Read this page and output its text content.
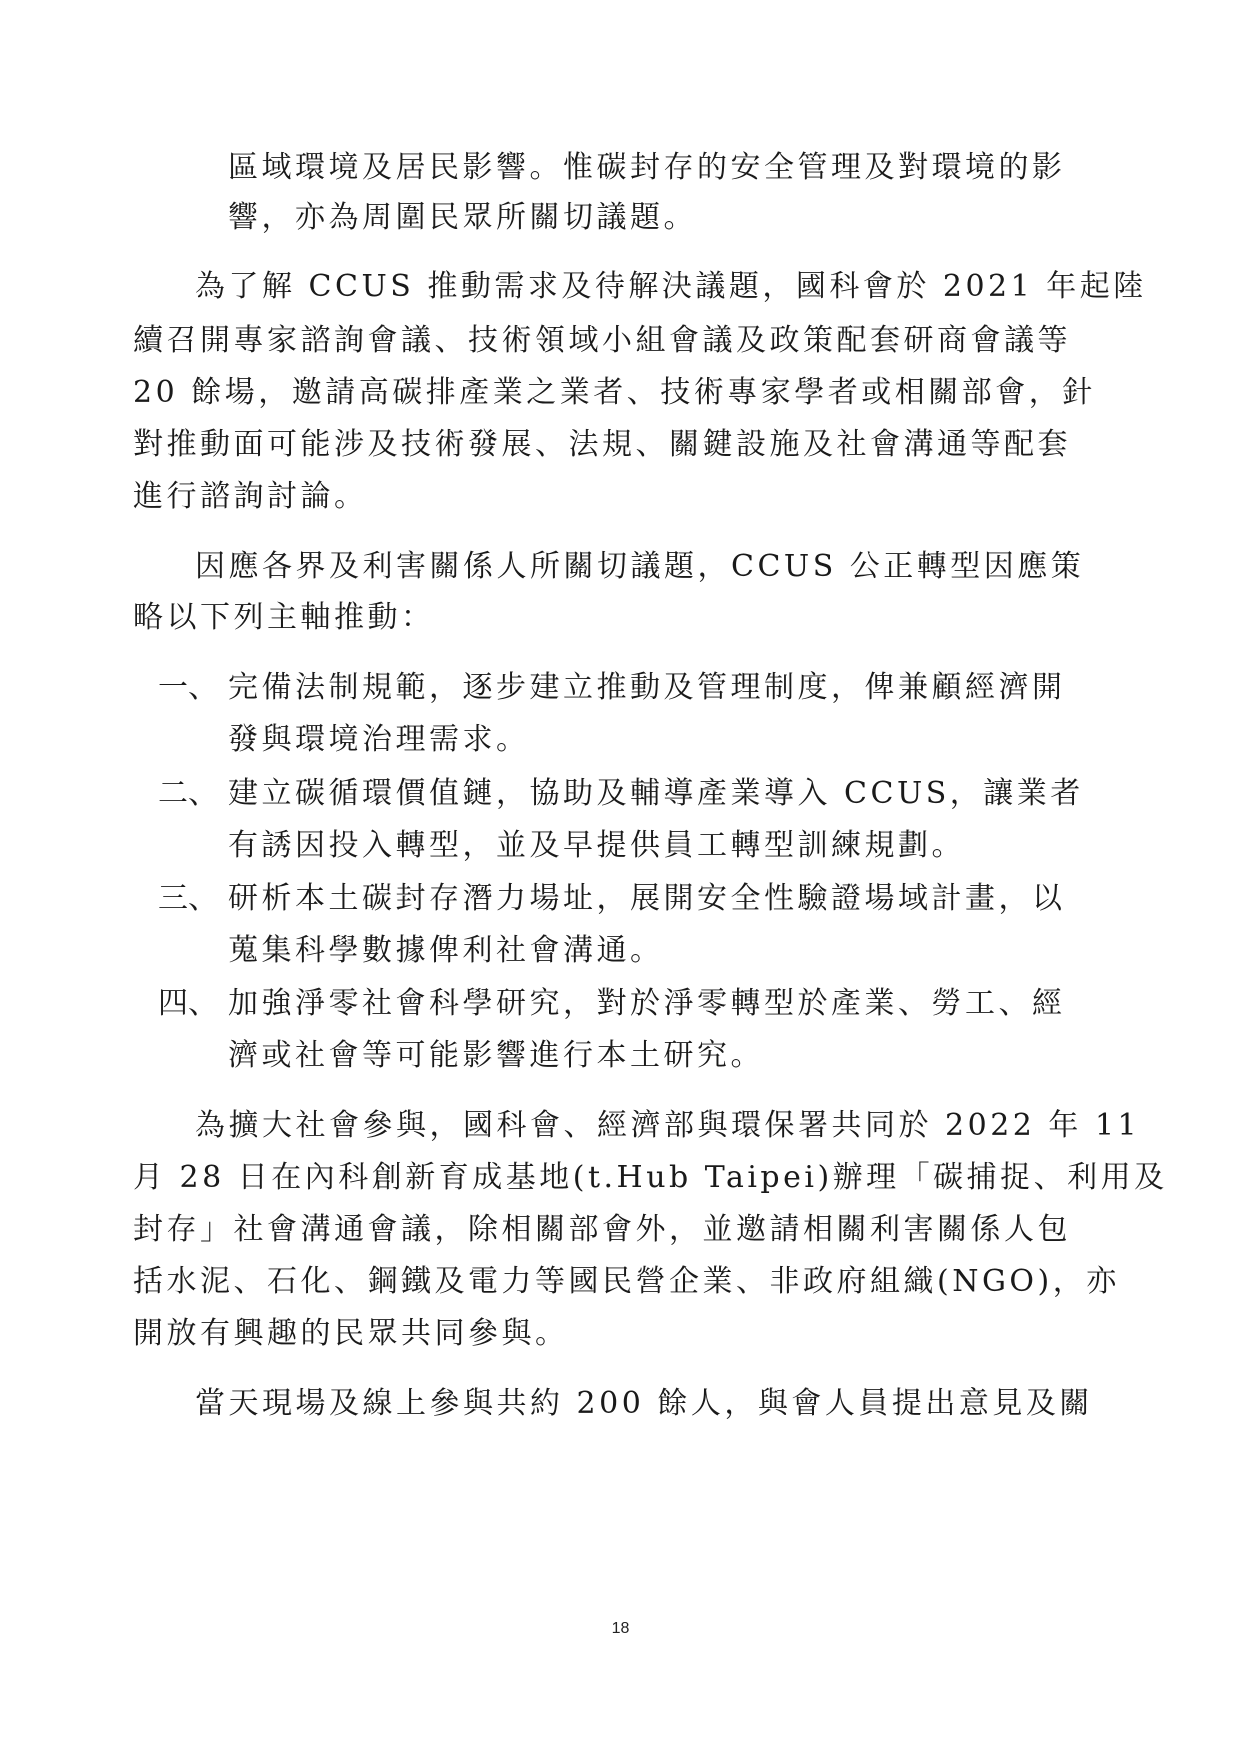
區域環境及居民影響。惟碳封存的安全管理及對環境的影
響，亦為周圍民眾所關切議題。
為了解 CCUS 推動需求及待解決議題，國科會於 2021 年起陸
續召開專家諮詢會議、技術領域小組會議及政策配套研商會議等
20 餘場，邀請高碳排產業之業者、技術專家學者或相關部會，針
對推動面可能涉及技術發展、法規、關鍵設施及社會溝通等配套
進行諮詢討論。
因應各界及利害關係人所關切議題，CCUS 公正轉型因應策
略以下列主軸推動：
一、 完備法制規範，逐步建立推動及管理制度，俾兼顧經濟開
發與環境治理需求。
二、 建立碳循環價值鏈，協助及輔導產業導入 CCUS，讓業者
有誘因投入轉型，並及早提供員工轉型訓練規劃。
三、 研析本土碳封存潛力場址，展開安全性驗證場域計畫，以
蒐集科學數據俾利社會溝通。
四、 加強淨零社會科學研究，對於淨零轉型於產業、勞工、經
濟或社會等可能影響進行本土研究。
為擴大社會參與，國科會、經濟部與環保署共同於 2022 年 11
月 28 日在內科創新育成基地(t.Hub Taipei)辦理「碳捕捉、利用及
封存」社會溝通會議，除相關部會外，並邀請相關利害關係人包
括水泥、石化、鋼鐵及電力等國民營企業、非政府組織(NGO)，亦
開放有興趣的民眾共同參與。
當天現場及線上參與共約 200 餘人，與會人員提出意見及關
18
